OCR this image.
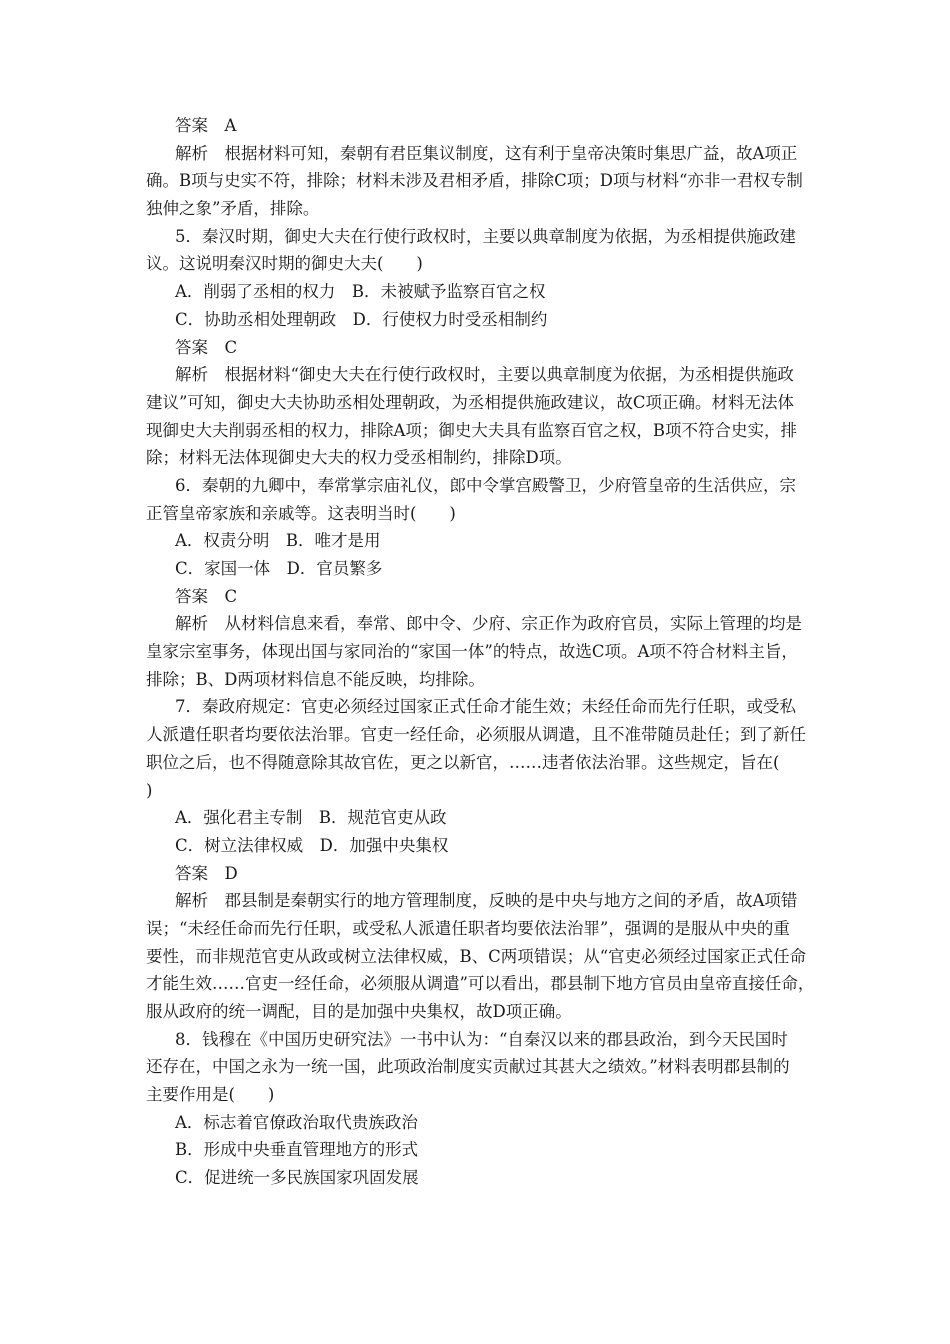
答案　A
解析　根据材料可知，秦朝有君臣集议制度，这有利于皇帝决策时集思广益，故A项正
确。B项与史实不符，排除；材料未涉及君相矛盾，排除C项；D项与材料“亦非一君权专制
独伸之象”矛盾，排除。
5．秦汉时期，御史大夫在行使行政权时，主要以典章制度为依据，为丞相提供施政建
议。这说明秦汉时期的御史大夫(　　)
A．削弱了丞相的权力　B．未被赋予监察百官之权
C．协助丞相处理朝政　D．行使权力时受丞相制约
答案　C
解析　根据材料“御史大夫在行使行政权时，主要以典章制度为依据，为丞相提供施政
建议”可知，御史大夫协助丞相处理朝政，为丞相提供施政建议，故C项正确。材料无法体
现御史大夫削弱丞相的权力，排除A项；御史大夫具有监察百官之权，B项不符合史实，排
除；材料无法体现御史大夫的权力受丞相制约，排除D项。
6．秦朝的九卿中，奉常掌宗庙礼仪，郎中令掌宫殿警卫，少府管皇帝的生活供应，宗
正管皇帝家族和亲戚等。这表明当时(　　)
A．权责分明　B．唯才是用
C．家国一体　D．官员繁多
答案　C
解析　从材料信息来看，奉常、郎中令、少府、宗正作为政府官员，实际上管理的均是
皇家宗室事务，体现出国与家同治的“家国一体”的特点，故选C项。A项不符合材料主旨，
排除；B、D两项材料信息不能反映，均排除。
7．秦政府规定：官吏必须经过国家正式任命才能生效；未经任命而先行任职，或受私
人派遣任职者均要依法治罪。官吏一经任命，必须服从调遣，且不准带随员赴任；到了新任
职位之后，也不得随意除其故官佐，更之以新官，……违者依法治罪。这些规定，旨在(
)
A．强化君主专制　B．规范官吏从政
C．树立法律权威　D．加强中央集权
答案　D
解析　郡县制是秦朝实行的地方管理制度，反映的是中央与地方之间的矛盾，故A项错
误；“未经任命而先行任职，或受私人派遣任职者均要依法治罪”，强调的是服从中央的重
要性，而非规范官吏从政或树立法律权威，B、C两项错误；从“官吏必须经过国家正式任命
才能生效……官吏一经任命，必须服从调遣”可以看出，郡县制下地方官员由皇帝直接任命，
服从政府的统一调配，目的是加强中央集权，故D项正确。
8．钱穆在《中国历史研究法》一书中认为：“自秦汉以来的郡县政治，到今天民国时
还存在，中国之永为一统一国，此项政治制度实贡献过其甚大之绩效。”材料表明郡县制的
主要作用是(　　)
A．标志着官僚政治取代贵族政治
B．形成中央垂直管理地方的形式
C．促进统一多民族国家巩固发展
